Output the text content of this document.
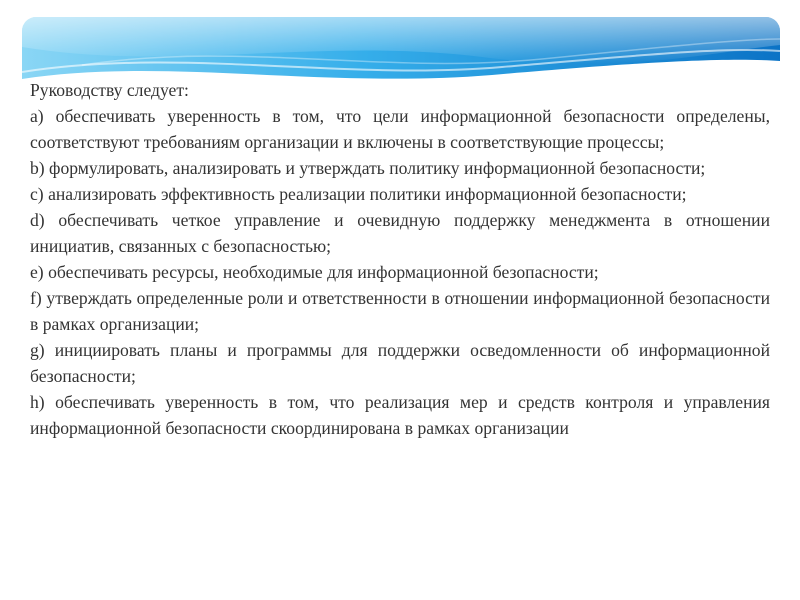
Руководству следует:

a) обеспечивать уверенность в том, что цели информационной безопасности определены, соответствуют требованиям организации и включены в соответствующие процессы;

b) формулировать, анализировать и утверждать политику информационной безопасности;

c) анализировать эффективность реализации политики информационной безопасности;

d) обеспечивать четкое управление и очевидную поддержку менеджмента в отношении инициатив, связанных с безопасностью;

e) обеспечивать ресурсы, необходимые для информационной безопасности;

f) утверждать определенные роли и ответственности в отношении информационной безопасности в рамках организации;

g) инициировать планы и программы для поддержки осведомленности об информационной безопасности;

h) обеспечивать уверенность в том, что реализация мер и средств контроля и управления информационной безопасности скоординирована в рамках организации
